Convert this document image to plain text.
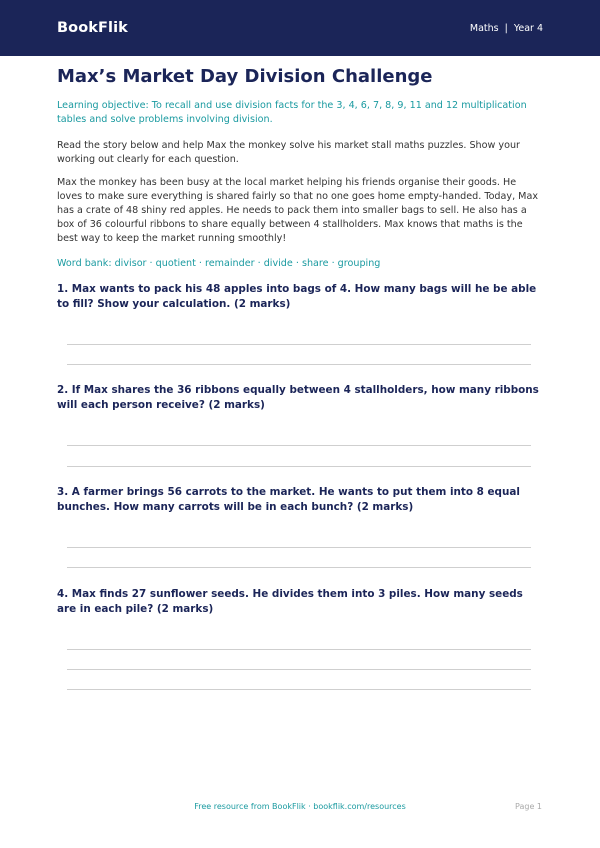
BookFlik	Maths | Year 4
Max’s Market Day Division Challenge

Learning objective: To recall and use division facts for the 3, 4, 6, 7, 8, 9, 11 and 12 multiplication tables and solve problems involving division.

Read the story below and help Max the monkey solve his market stall maths puzzles. Show your working out clearly for each question.

Max the monkey has been busy at the local market helping his friends organise their goods. He loves to make sure everything is shared fairly so that no one goes home empty-handed. Today, Max has a crate of 48 shiny red apples. He needs to pack them into smaller bags to sell. He also has a box of 36 colourful ribbons to share equally between 4 stallholders. Max knows that maths is the best way to keep the market running smoothly!

Word bank: divisor · quotient · remainder · divide · share · grouping

1. Max wants to pack his 48 apples into bags of 4. How many bags will he be able to fill? Show your calculation. (2 marks)
2. If Max shares the 36 ribbons equally between 4 stallholders, how many ribbons will each person receive? (2 marks)
3. A farmer brings 56 carrots to the market. He wants to put them into 8 equal bunches. How many carrots will be in each bunch? (2 marks)
4. Max finds 27 sunflower seeds. He divides them into 3 piles. How many seeds are in each pile? (2 marks)
Free resource from BookFlik · bookflik.com/resources	Page 1
